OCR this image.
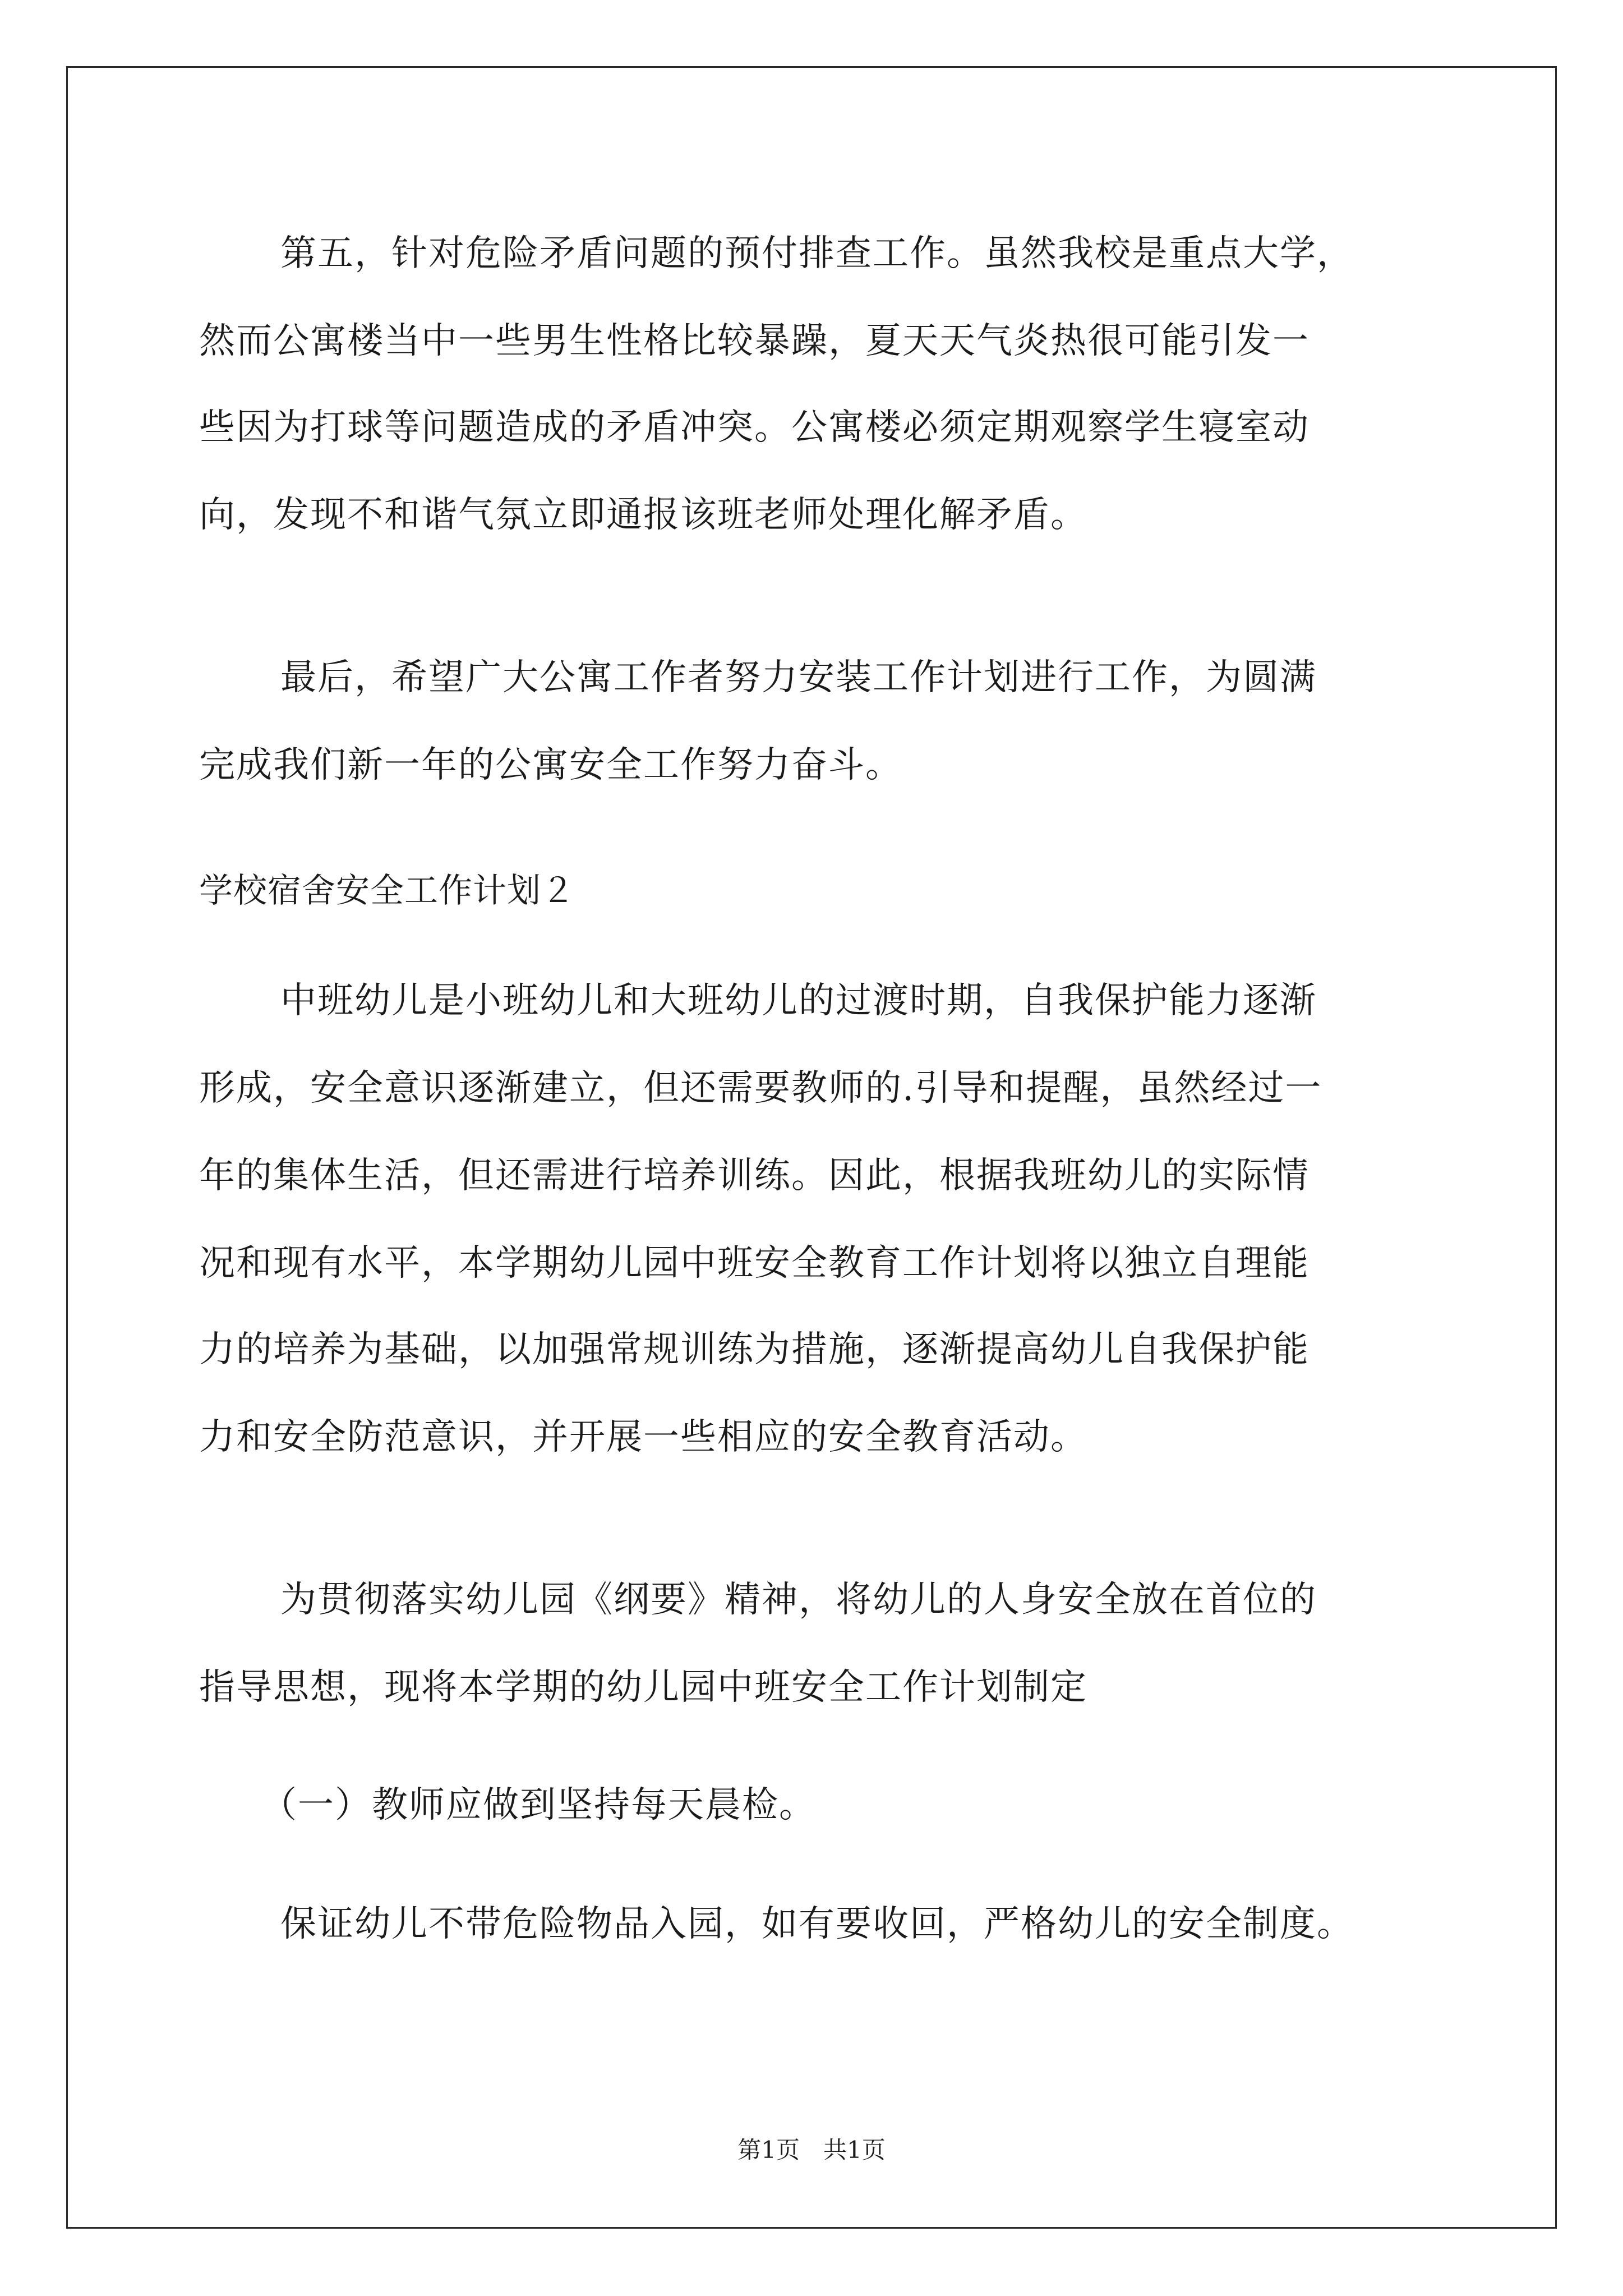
第五，针对危险矛盾问题的预付排查工作。虽然我校是重点大学，
然而公寓楼当中一些男生性格比较暴躁，夏天天气炎热很可能引发一
些因为打球等问题造成的矛盾冲突。公寓楼必须定期观察学生寝室动
向，发现不和谐气氛立即通报该班老师处理化解矛盾。
最后，希望广大公寓工作者努力安装工作计划进行工作，为圆满
完成我们新一年的公寓安全工作努力奋斗。
学校宿舍安全工作计划２
中班幼儿是小班幼儿和大班幼儿的过渡时期，自我保护能力逐渐
形成，安全意识逐渐建立，但还需要教师的.引导和提醒，虽然经过一
年的集体生活，但还需进行培养训练。因此，根据我班幼儿的实际情
况和现有水平，本学期幼儿园中班安全教育工作计划将以独立自理能
力的培养为基础，以加强常规训练为措施，逐渐提高幼儿自我保护能
力和安全防范意识，并开展一些相应的安全教育活动。
为贯彻落实幼儿园《纲要》精神，将幼儿的人身安全放在首位的
指导思想，现将本学期的幼儿园中班安全工作计划制定
（一）教师应做到坚持每天晨检。
保证幼儿不带危险物品入园，如有要收回，严格幼儿的安全制度。
第1页　共1页
